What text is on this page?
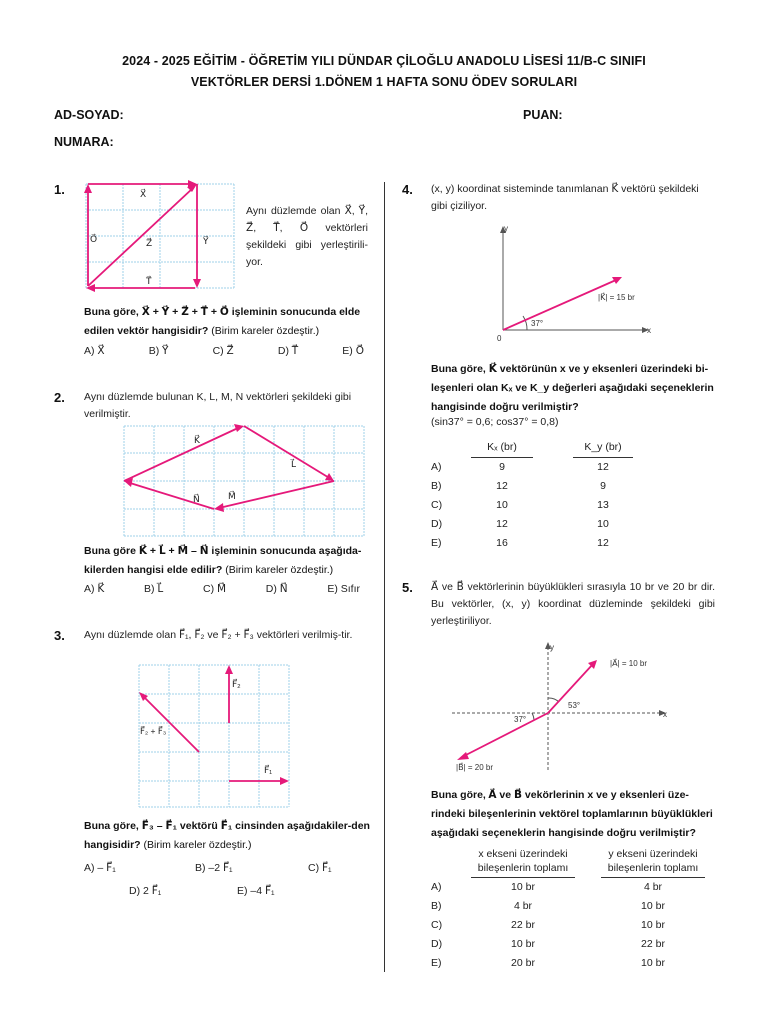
2024 - 2025 EĞİTİM - ÖĞRETİM YILI DÜNDAR ÇİLOĞLU ANADOLU LİSESİ 11/B-C SINIFI
VEKTÖRLER DERSİ 1.DÖNEM 1 HAFTA SONU ÖDEV SORULARI
AD-SOYAD:	PUAN:
NUMARA:
1.	X⃗
Y⃗
Z⃗
T⃗
O⃗
Aynı düzlemde olan X⃗, Y⃗, Z⃗, T⃗, O⃗ vektörleri şekildeki gibi yerleştirili-yor.
Buna göre, X⃗ + Y⃗ + Z⃗ + T⃗ + O⃗ işleminin sonucunda elde edilen vektör hangisidir? (Birim kareler özdeştir.)
A) X⃗	B) Y⃗	C) Z⃗	D) T⃗	E) O⃗
2. Aynı düzlemde bulunan K, L, M, N vektörleri şekildeki gibi verilmiştir.
K⃗
L⃗
M⃗
N⃗
Buna göre K⃗ + L⃗ + M⃗ – N⃗ işleminin sonucunda aşağıda-kilerden hangisi elde edilir? (Birim kareler özdeştir.)
A) K⃗	B) L⃗	C) M⃗	D) N⃗	E) Sıfır
3. Aynı düzlemde olan F⃗₁, F⃗₂ ve F⃗₂ + F⃗₃ vektörleri verilmiş-tir.
F⃗₂
F⃗₂ + F⃗₃
F⃗₁
Buna göre, F⃗₃ – F⃗₁ vektörü F⃗₁ cinsinden aşağıdakiler-den hangisidir? (Birim kareler özdeştir.)
A) – F⃗₁	B) –2 F⃗₁	C) F⃗₁
D) 2 F⃗₁	E) –4 F⃗₁
4. (x, y) koordinat sisteminde tanımlanan K⃗ vektörü şekildeki gibi çiziliyor.
y
x
0
37°
|K⃗| = 15 br
Buna göre, K⃗ vektörünün x ve y eksenleri üzerindeki bi-leşenleri olan Kₓ ve K_y değerleri aşağıdaki seçeneklerin hangisinde doğru verilmiştir?
(sin37° = 0,6; cos37° = 0,8)
	Kₓ (br)		K_y (br)
A)	9		12
B)	12		9
C)	10		13
D)	12		10
E)	16		12
5. A⃗ ve B⃗ vektörlerinin büyüklükleri sırasıyla 10 br ve 20 br dir. Bu vektörler, (x, y) koordinat düzleminde şekildeki gibi yerleştiriliyor.
y
x
|A⃗| = 10 br
|B⃗| = 20 br
53°
37°
Buna göre, A⃗ ve B⃗ vekörlerinin x ve y eksenleri üze-rindeki bileşenlerinin vektörel toplamlarının büyüklükleri aşağıdaki seçeneklerin hangisinde doğru verilmiştir?
	x ekseni üzerindeki bileşenlerin toplamı		y ekseni üzerindeki bileşenlerin toplamı
A)	10 br		4 br
B)	4 br		10 br
C)	22 br		10 br
D)	10 br		22 br
E)	20 br		10 br
